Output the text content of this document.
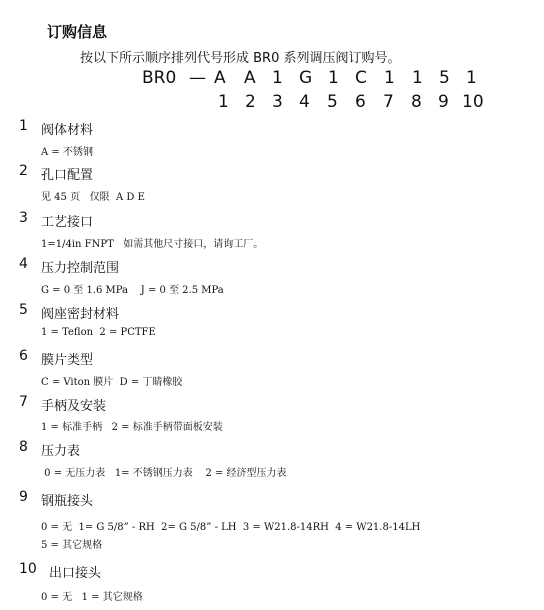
订购信息
按以下所示顺序排列代号形成 BR0 系列调压阀订购号。
BR0 — A A 1 G 1 C 1 1 5 1
1 2 3 4 5 6 7 8 9 10
1 阀体材料
A = 不锈钢
2 孔口配置
见 45 页   仅限  A D E
3 工艺接口
1=1/4in FNPT   如需其他尺寸接口，请询工厂。
4 压力控制范围
G = 0 至 1.6 MPa    J = 0 至 2.5 MPa
5 阀座密封材料
1 = Teflon  2 = PCTFE
6 膜片类型
C = Viton 膜片  D = 丁睛橡胶
7 手柄及安装
1 = 标准手柄   2 = 标准手柄带面板安装
8 压力表
0 = 无压力表   1= 不锈钢压力表    2 = 经济型压力表
9 钢瓶接头
0 = 无  1= G 5/8” - RH  2= G 5/8” - LH  3 = W21.8-14RH  4 = W21.8-14LH
5 = 其它规格
10 出口接头
0 = 无   1 = 其它规格
